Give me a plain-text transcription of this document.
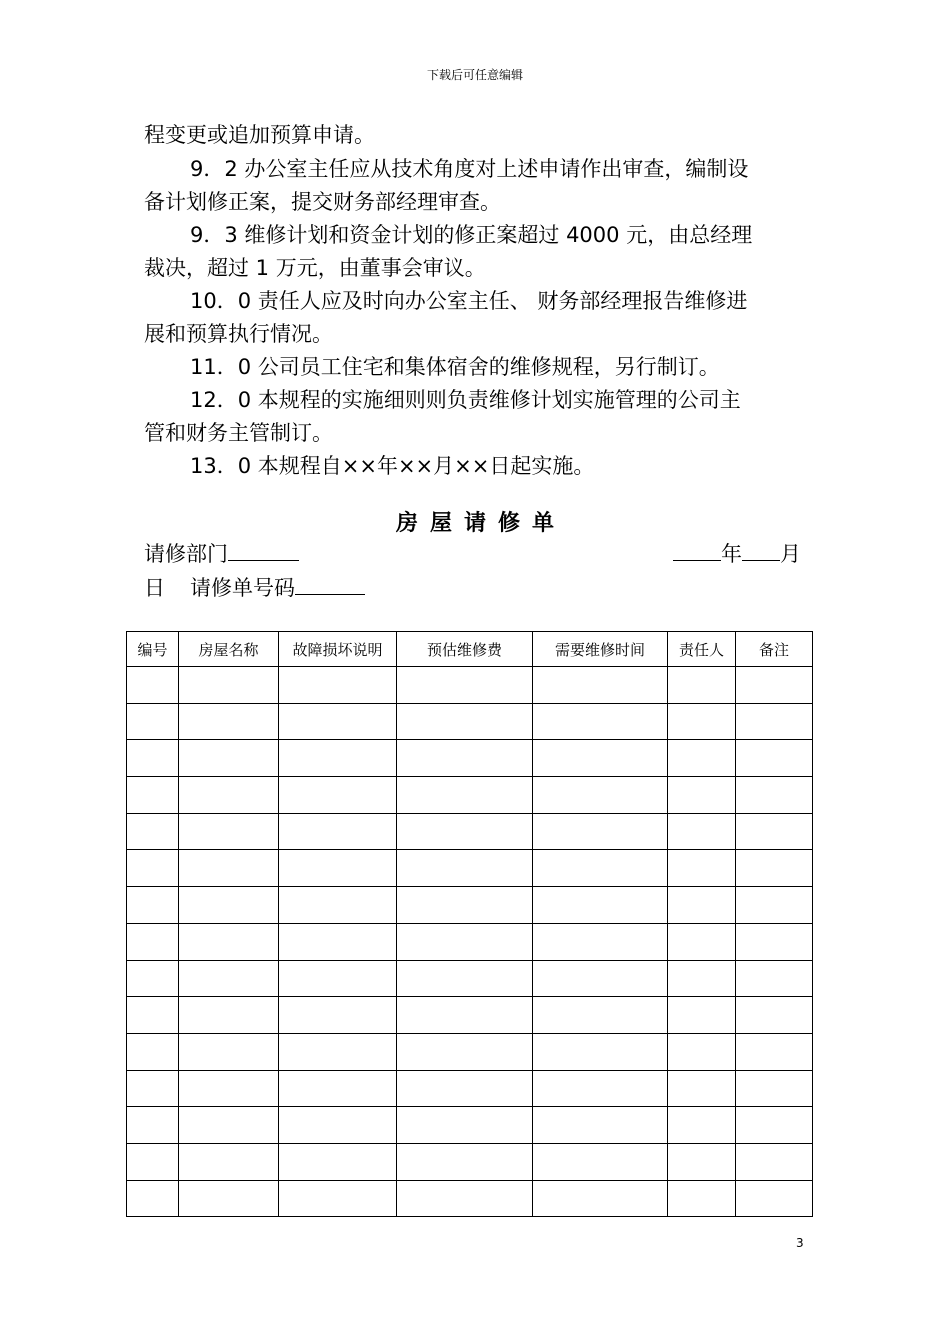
下载后可任意编辑

程变更或追加预算申请。

9．2 办公室主任应从技术角度对上述申请作出审查，编制设

备计划修正案，提交财务部经理审查。

9．3 维修计划和资金计划的修正案超过 4000 元，由总经理

裁决，超过 1 万元，由董事会审议。

10．0 责任人应及时向办公室主任、 财务部经理报告维修进

展和预算执行情况。

11．0 公司员工住宅和集体宿舍的维修规程，另行制订。

12．0 本规程的实施细则则负责维修计划实施管理的公司主

管和财务主管制订。

13．0 本规程自××年××月××日起实施。

房屋请修单
请修部门	年 月
日 请修单号码
编号	房屋名称	故障损坏说明	预估维修费	需要维修时间	责任人	备注

3
